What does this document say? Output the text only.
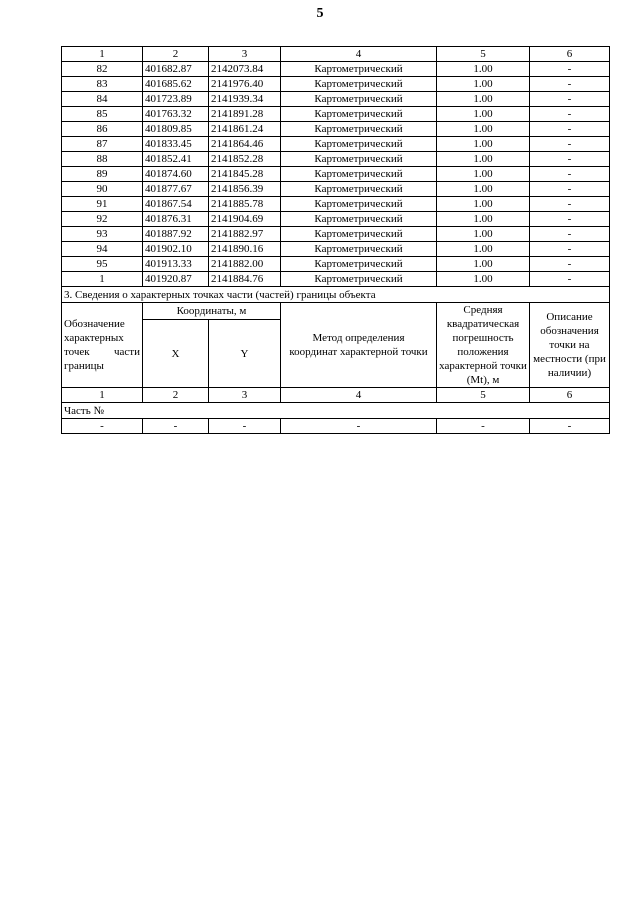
5
1	2	3	4	5	6
82	401682.87	2142073.84	Картометрический	1.00	-
83	401685.62	2141976.40	Картометрический	1.00	-
84	401723.89	2141939.34	Картометрический	1.00	-
85	401763.32	2141891.28	Картометрический	1.00	-
86	401809.85	2141861.24	Картометрический	1.00	-
87	401833.45	2141864.46	Картометрический	1.00	-
88	401852.41	2141852.28	Картометрический	1.00	-
89	401874.60	2141845.28	Картометрический	1.00	-
90	401877.67	2141856.39	Картометрический	1.00	-
91	401867.54	2141885.78	Картометрический	1.00	-
92	401876.31	2141904.69	Картометрический	1.00	-
93	401887.92	2141882.97	Картометрический	1.00	-
94	401902.10	2141890.16	Картометрический	1.00	-
95	401913.33	2141882.00	Картометрический	1.00	-
1	401920.87	2141884.76	Картометрический	1.00	-
3. Сведения о характерных точках части (частей) границы объекта					

Обозначение характерных точек части границы	Координаты, м		Метод определения координат характерной точки	Средняя квадратическая погрешность положения характерной точки (Mt), м	Описание обозначения точки на местности (при наличии)
	X	Y			
1	2	3	4	5	6
Часть №					
-	-	-	-	-	-
